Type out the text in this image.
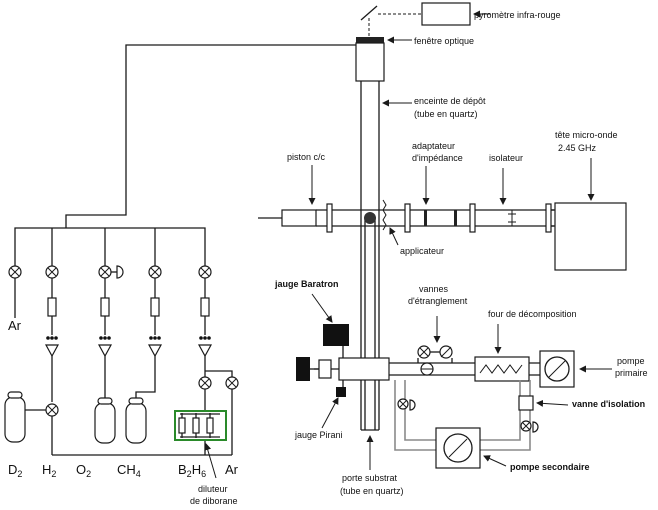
pyromètre infra-rouge
fenêtre optique
enceinte de dépôt
(tube en quartz)
adaptateur
d'impédance	isolateur
tête micro-onde
2.45 GHz
piston c/c
applicateur
jauge Baratron	vannes
d'étranglement
four de décomposition
pompe
primaire
vanne d'isolation
jauge Pirani
pompe secondaire
porte substrat
(tube en quartz)
diluteur
de diborane
Ar
$D_2$ $H_2$ $O_2$ $CH_4$	$B_2H_6$ Ar
